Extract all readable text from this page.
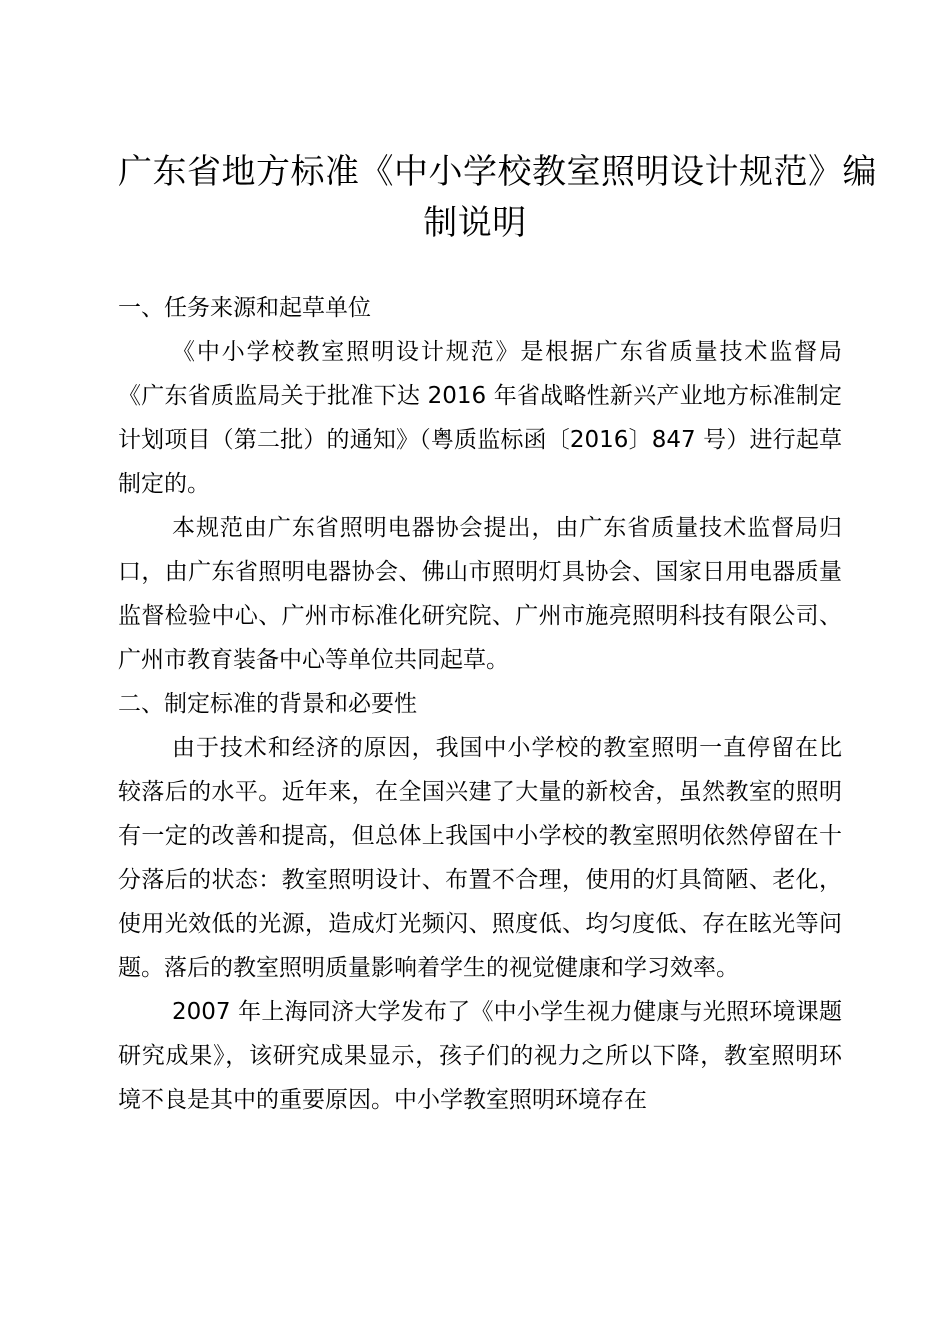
广东省地方标准《中小学校教室照明设计规范》编
制说明
一、任务来源和起草单位
《中小学校教室照明设计规范》是根据广东省质量技术监督局
《广东省质监局关于批准下达 2016 年省战略性新兴产业地方标准制定
计划项目（第二批）的通知》（粤质监标函〔2016〕847 号）进行起草
制定的。
本规范由广东省照明电器协会提出，由广东省质量技术监督局归
口，由广东省照明电器协会、佛山市照明灯具协会、国家日用电器质量
监督检验中心、广州市标准化研究院、广州市施亮照明科技有限公司、
广州市教育装备中心等单位共同起草。
二、制定标准的背景和必要性
由于技术和经济的原因，我国中小学校的教室照明一直停留在比
较落后的水平。近年来，在全国兴建了大量的新校舍，虽然教室的照明
有一定的改善和提高，但总体上我国中小学校的教室照明依然停留在十
分落后的状态：教室照明设计、布置不合理，使用的灯具简陋、老化，
使用光效低的光源，造成灯光频闪、照度低、均匀度低、存在眩光等问
题。落后的教室照明质量影响着学生的视觉健康和学习效率。
2007 年上海同济大学发布了《中小学生视力健康与光照环境课题
研究成果》，该研究成果显示，孩子们的视力之所以下降，教室照明环
境不良是其中的重要原因。中小学教室照明环境存在
